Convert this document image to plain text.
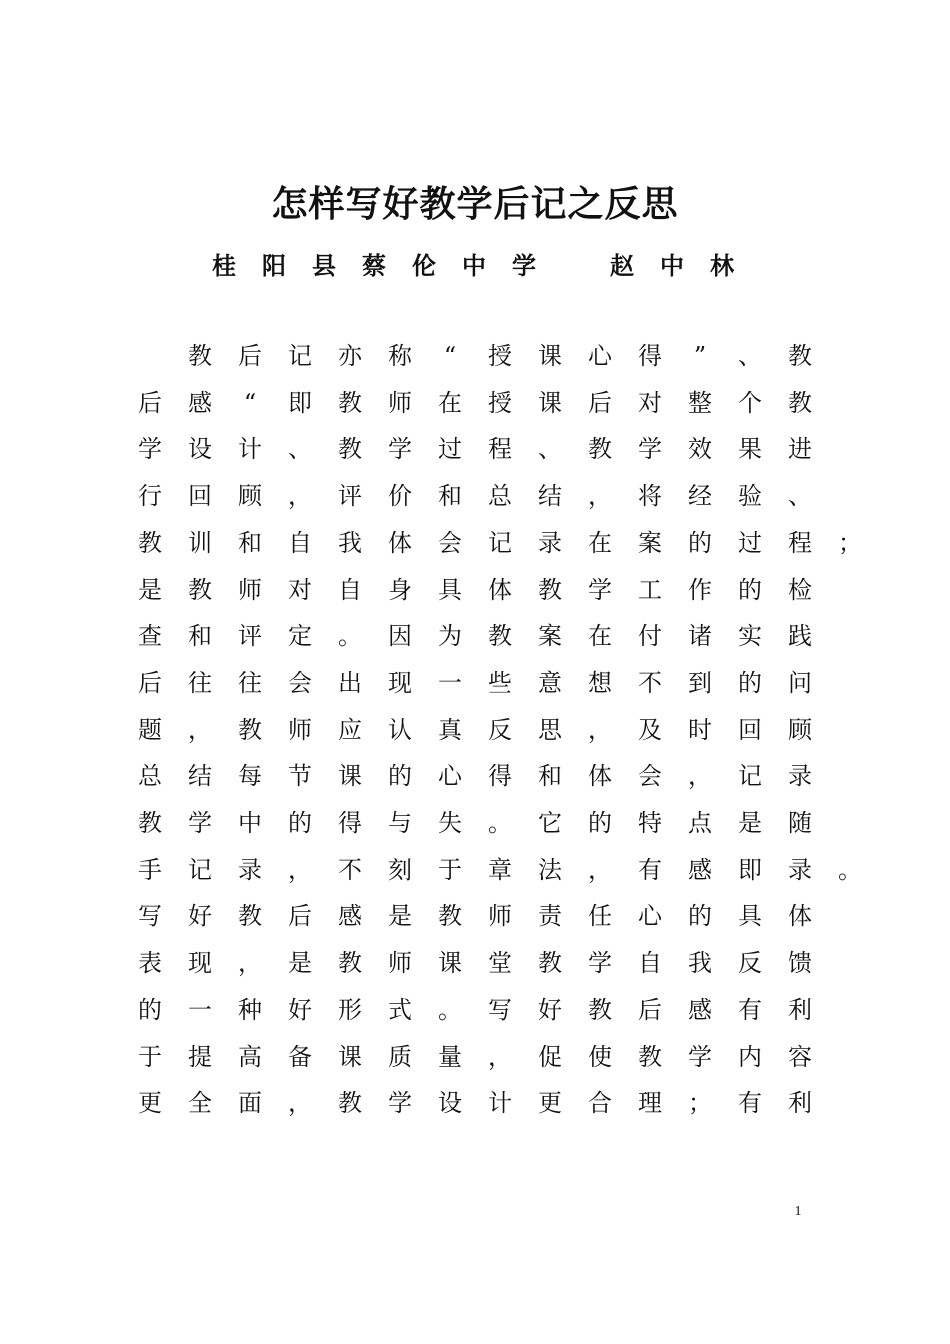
怎样写好教学后记之反思
桂 阳 县 蔡 伦 中 学	赵 中 林
教 后 记 亦 称	“	授 课 心 得	”	、 教
后 感	“	即 教 师 在 授 课 后 对 整 个 教
学 设 计 、 教 学 过 程 、 教 学 效 果 进
行 回 顾 ， 评 价 和 总 结 ， 将 经 验 、
教 训 和 自 我 体 会 记 录 在 案 的 过 程 ；
是 教 师 对 自 身 具 体 教 学 工 作 的 检
查 和 评 定 。 因 为 教 案 在 付 诸 实 践
后 往 往 会 出 现 一 些 意 想 不 到 的 问
题 ， 教 师 应 认 真 反 思 ， 及 时 回 顾
总 结 每 节 课 的 心 得 和 体 会 ， 记 录
教 学 中 的 得 与 失 。 它 的 特 点 是 随
手 记 录 ， 不 刻 于 章 法 ， 有 感 即 录 。
写 好 教 后 感 是 教 师 责 任 心 的 具 体
表 现 ， 是 教 师 课 堂 教 学 自 我 反 馈
的 一 种 好 形 式 。 写 好 教 后 感 有 利
于 提 高 备 课 质 量 ， 促 使 教 学 内 容
更 全 面 ， 教 学 设 计 更 合 理 ； 有 利
1
